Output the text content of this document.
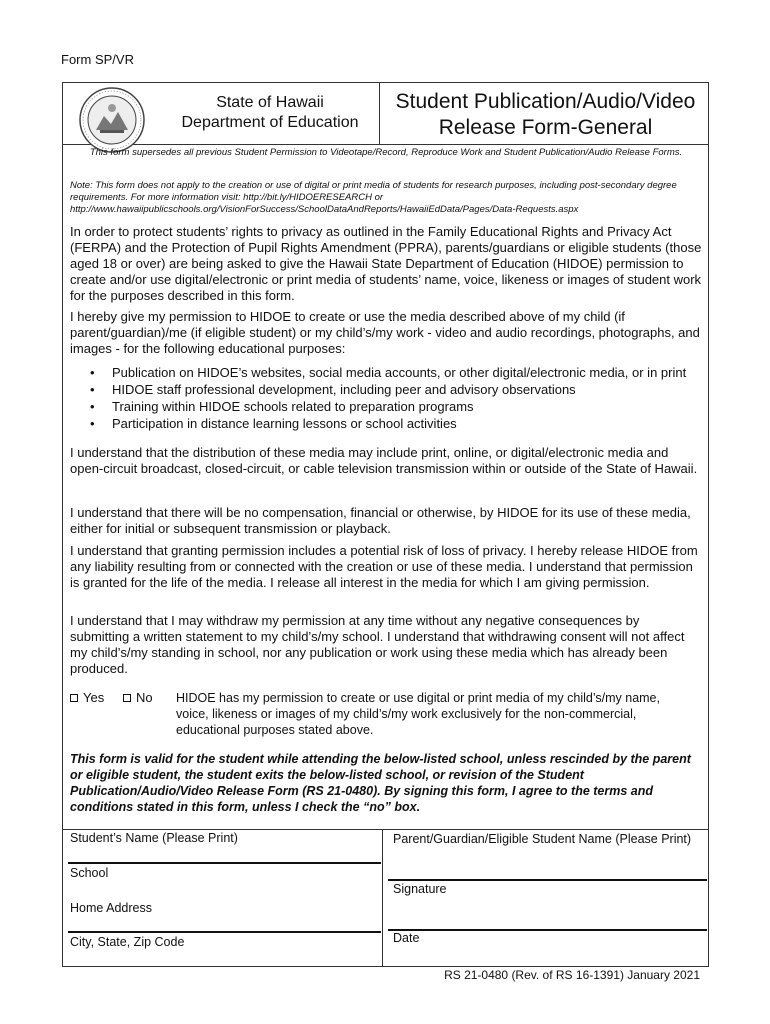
Form SP/VR
State of Hawaii
Department of Education
Student Publication/Audio/Video
Release Form-General
This form supersedes all previous Student Permission to Videotape/Record, Reproduce Work and Student Publication/Audio Release Forms.
Note: This form does not apply to the creation or use of digital or print media of students for research purposes, including post-secondary degree requirements. For more information visit: http://bit.ly/HIDOERESEARCH or http://www.hawaiipublicschools.org/VisionForSuccess/SchoolDataAndReports/HawaiiEdData/Pages/Data-Requests.aspx
In order to protect students’ rights to privacy as outlined in the Family Educational Rights and Privacy Act (FERPA) and the Protection of Pupil Rights Amendment (PPRA), parents/guardians or eligible students (those aged 18 or over) are being asked to give the Hawaii State Department of Education (HIDOE) permission to create and/or use digital/electronic or print media of students’ name, voice, likeness or images of student work for the purposes described in this form.
I hereby give my permission to HIDOE to create or use the media described above of my child (if parent/guardian)/me (if eligible student) or my child’s/my work - video and audio recordings, photographs, and images - for the following educational purposes:
• Publication on HIDOE’s websites, social media accounts, or other digital/electronic media, or in print
• HIDOE staff professional development, including peer and advisory observations
• Training within HIDOE schools related to preparation programs
• Participation in distance learning lessons or school activities
I understand that the distribution of these media may include print, online, or digital/electronic media and open-circuit broadcast, closed-circuit, or cable television transmission within or outside of the State of Hawaii.
I understand that there will be no compensation, financial or otherwise, by HIDOE for its use of these media, either for initial or subsequent transmission or playback.
I understand that granting permission includes a potential risk of loss of privacy. I hereby release HIDOE from any liability resulting from or connected with the creation or use of these media. I understand that permission is granted for the life of the media. I release all interest in the media for which I am giving permission.
I understand that I may withdraw my permission at any time without any negative consequences by submitting a written statement to my child’s/my school. I understand that withdrawing consent will not affect my child’s/my standing in school, nor any publication or work using these media which has already been produced.
Yes No HIDOE has my permission to create or use digital or print media of my child’s/my name, voice, likeness or images of my child’s/my work exclusively for the non-commercial, educational purposes stated above.
This form is valid for the student while attending the below-listed school, unless rescinded by the parent or eligible student, the student exits the below-listed school, or revision of the Student Publication/Audio/Video Release Form (RS 21-0480). By signing this form, I agree to the terms and conditions stated in this form, unless I check the “no” box.
Student’s Name (Please Print)	Parent/Guardian/Eligible Student Name (Please Print)
School
Signature
Home Address
Date
City, State, Zip Code
RS 21-0480 (Rev. of RS 16-1391) January 2021
